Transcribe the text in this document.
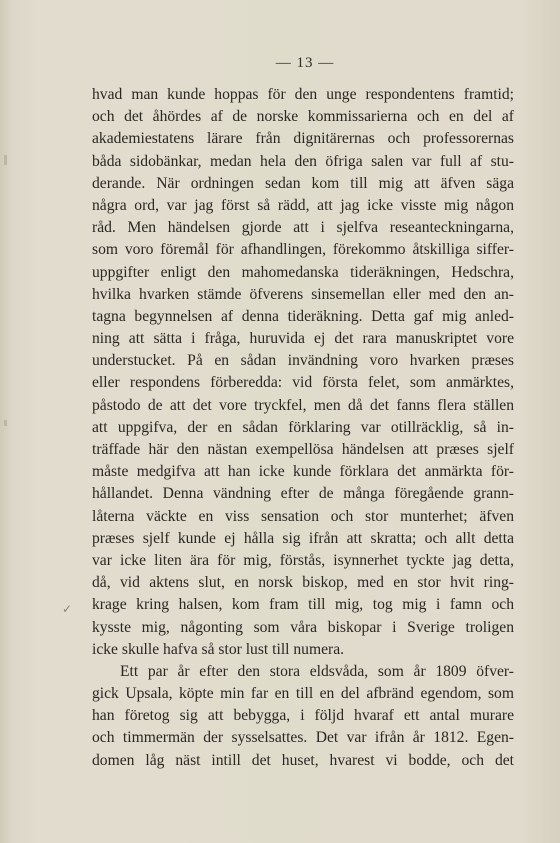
— 13 —
hvad man kunde hoppas för den unge respondentens framtid;
och det åhördes af de norske kommissarierna och en del af
akademiestatens lärare från dignitärernas och professorernas
båda sidobänkar, medan hela den öfriga salen var full af stu-
derande. När ordningen sedan kom till mig att äfven säga
några ord, var jag först så rädd, att jag icke visste mig någon
råd. Men händelsen gjorde att i sjelfva reseanteckningarna,
som voro föremål för afhandlingen, förekommo åtskilliga siffer-
uppgifter enligt den mahomedanska tideräkningen, Hedschra,
hvilka hvarken stämde öfverens sinsemellan eller med den an-
tagna begynnelsen af denna tideräkning. Detta gaf mig anled-
ning att sätta i fråga, huruvida ej det rara manuskriptet vore
understucket. På en sådan invändning voro hvarken præses
eller respondens förberedda: vid första felet, som anmärktes,
påstodo de att det vore tryckfel, men då det fanns flera ställen
att uppgifva, der en sådan förklaring var otillräcklig, så in-
träffade här den nästan exempellösa händelsen att præses sjelf
måste medgifva att han icke kunde förklara det anmärkta för-
hållandet. Denna vändning efter de många föregående grann-
låterna väckte en viss sensation och stor munterhet; äfven
præses sjelf kunde ej hålla sig ifrån att skratta; och allt detta
var icke liten ära för mig, förstås, isynnerhet tyckte jag detta,
då, vid aktens slut, en norsk biskop, med en stor hvit ring-
krage kring halsen, kom fram till mig, tog mig i famn och
kysste mig, någonting som våra biskopar i Sverige troligen
icke skulle hafva så stor lust till numera.
Ett par år efter den stora eldsvåda, som år 1809 öfver-
gick Upsala, köpte min far en till en del afbränd egendom, som
han företog sig att bebygga, i följd hvaraf ett antal murare
och timmermän der sysselsattes. Det var ifrån år 1812. Egen-
domen låg näst intill det huset, hvarest vi bodde, och det
✓
